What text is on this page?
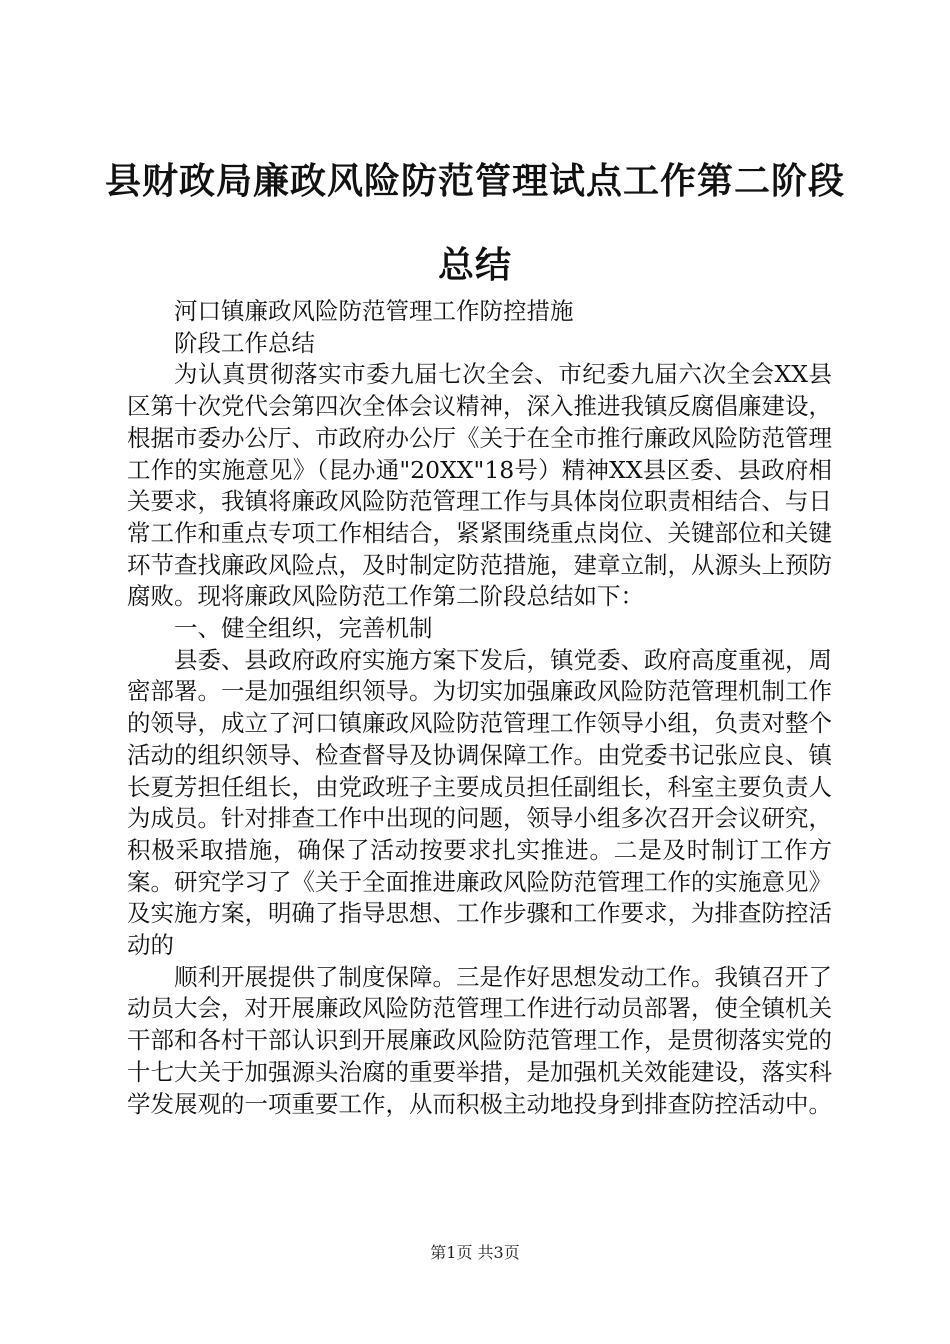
县财政局廉政风险防范管理试点工作第二阶段
总结

河口镇廉政风险防范管理工作防控措施

阶段工作总结

为认真贯彻落实市委九届七次全会、市纪委九届六次全会XX县区第十次党代会第四次全体会议精神，深入推进我镇反腐倡廉建设，根据市委办公厅、市政府办公厅《关于在全市推行廉政风险防范管理工作的实施意见》（昆办通"20XX"18号）精神XX县区委、县政府相关要求，我镇将廉政风险防范管理工作与具体岗位职责相结合、与日常工作和重点专项工作相结合，紧紧围绕重点岗位、关键部位和关键环节查找廉政风险点，及时制定防范措施，建章立制，从源头上预防腐败。现将廉政风险防范工作第二阶段总结如下：

一、健全组织，完善机制

县委、县政府政府实施方案下发后，镇党委、政府高度重视，周密部署。一是加强组织领导。为切实加强廉政风险防范管理机制工作的领导，成立了河口镇廉政风险防范管理工作领导小组，负责对整个活动的组织领导、检查督导及协调保障工作。由党委书记张应良、镇长夏芳担任组长，由党政班子主要成员担任副组长，科室主要负责人为成员。针对排查工作中出现的问题，领导小组多次召开会议研究，积极采取措施，确保了活动按要求扎实推进。二是及时制订工作方案。研究学习了《关于全面推进廉政风险防范管理工作的实施意见》及实施方案，明确了指导思想、工作步骤和工作要求，为排查防控活动的

顺利开展提供了制度保障。三是作好思想发动工作。我镇召开了动员大会，对开展廉政风险防范管理工作进行动员部署，使全镇机关干部和各村干部认识到开展廉政风险防范管理工作，是贯彻落实党的十七大关于加强源头治腐的重要举措，是加强机关效能建设，落实科学发展观的一项重要工作，从而积极主动地投身到排查防控活动中。

第1页 共3页
